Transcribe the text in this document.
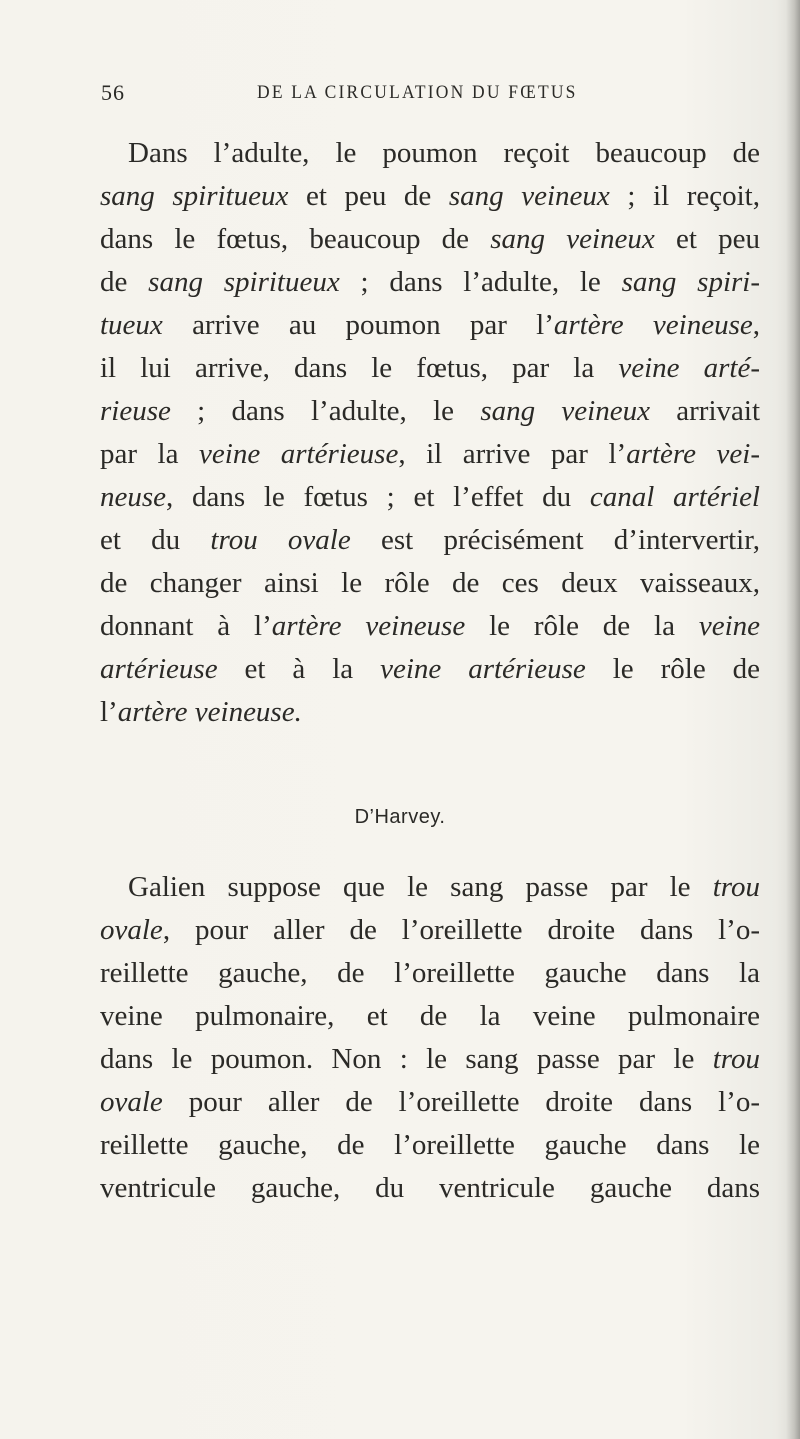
56	DE LA CIRCULATION DU FŒTUS
Dans l’adulte, le poumon reçoit beaucoup de
sang spiritueux et peu de sang veineux ; il reçoit,
dans le fœtus, beaucoup de sang veineux et peu
de sang spiritueux ; dans l’adulte, le sang spiri-
tueux arrive au poumon par l’artère veineuse,
il lui arrive, dans le fœtus, par la veine arté-
rieuse ; dans l’adulte, le sang veineux arrivait
par la veine artérieuse, il arrive par l’artère vei-
neuse, dans le fœtus ; et l’effet du canal artériel
et du trou ovale est précisément d’intervertir,
de changer ainsi le rôle de ces deux vaisseaux,
donnant à l’artère veineuse le rôle de la veine
artérieuse et à la veine artérieuse le rôle de
l’artère veineuse.
D’Harvey.
Galien suppose que le sang passe par le trou
ovale, pour aller de l’oreillette droite dans l’o-
reillette gauche, de l’oreillette gauche dans la
veine pulmonaire, et de la veine pulmonaire
dans le poumon. Non : le sang passe par le trou
ovale pour aller de l’oreillette droite dans l’o-
reillette gauche, de l’oreillette gauche dans le
ventricule gauche, du ventricule gauche dans
